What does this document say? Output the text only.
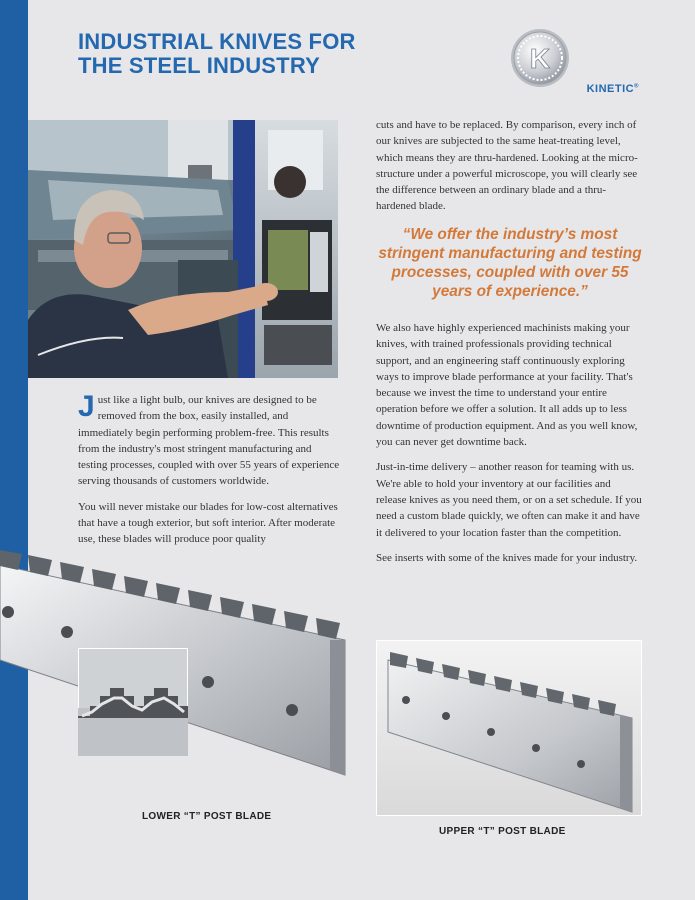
INDUSTRIAL KNIVES FOR
THE STEEL INDUSTRY	K
KINETIC®

Just like a light bulb, our knives are designed to be removed from the box, easily installed, and immediately begin performing problem-free. This results from the industry's most stringent manufacturing and testing processes, coupled with over 55 years of experience serving thousands of customers worldwide.

You will never mistake our blades for low-cost alternatives that have a tough exterior, but soft interior. After moderate use, these blades will produce poor quality

cuts and have to be replaced. By comparison, every inch of our knives are subjected to the same heat-treating level, which means they are thru-hardened. Looking at the micro-structure under a powerful microscope, you will clearly see the difference between an ordinary blade and a thru-hardened blade.

“We offer the industry’s most stringent manufacturing and testing processes, coupled with over 55 years of experience.”

We also have highly experienced machinists making your knives, with trained professionals providing technical support, and an engineering staff continuously exploring ways to improve blade performance at your facility. That's because we invest the time to understand your entire operation before we offer a solution. It all adds up to less downtime of production equipment. And as you well know, you can never get downtime back.

Just-in-time delivery – another reason for teaming with us. We're able to hold your inventory at our facilities and release knives as you need them, or on a set schedule. If you need a custom blade quickly, we often can make it and have it delivered to your location faster than the competition.

See inserts with some of the knives made for your industry.

LOWER “T” POST BLADE
UPPER “T” POST BLADE
